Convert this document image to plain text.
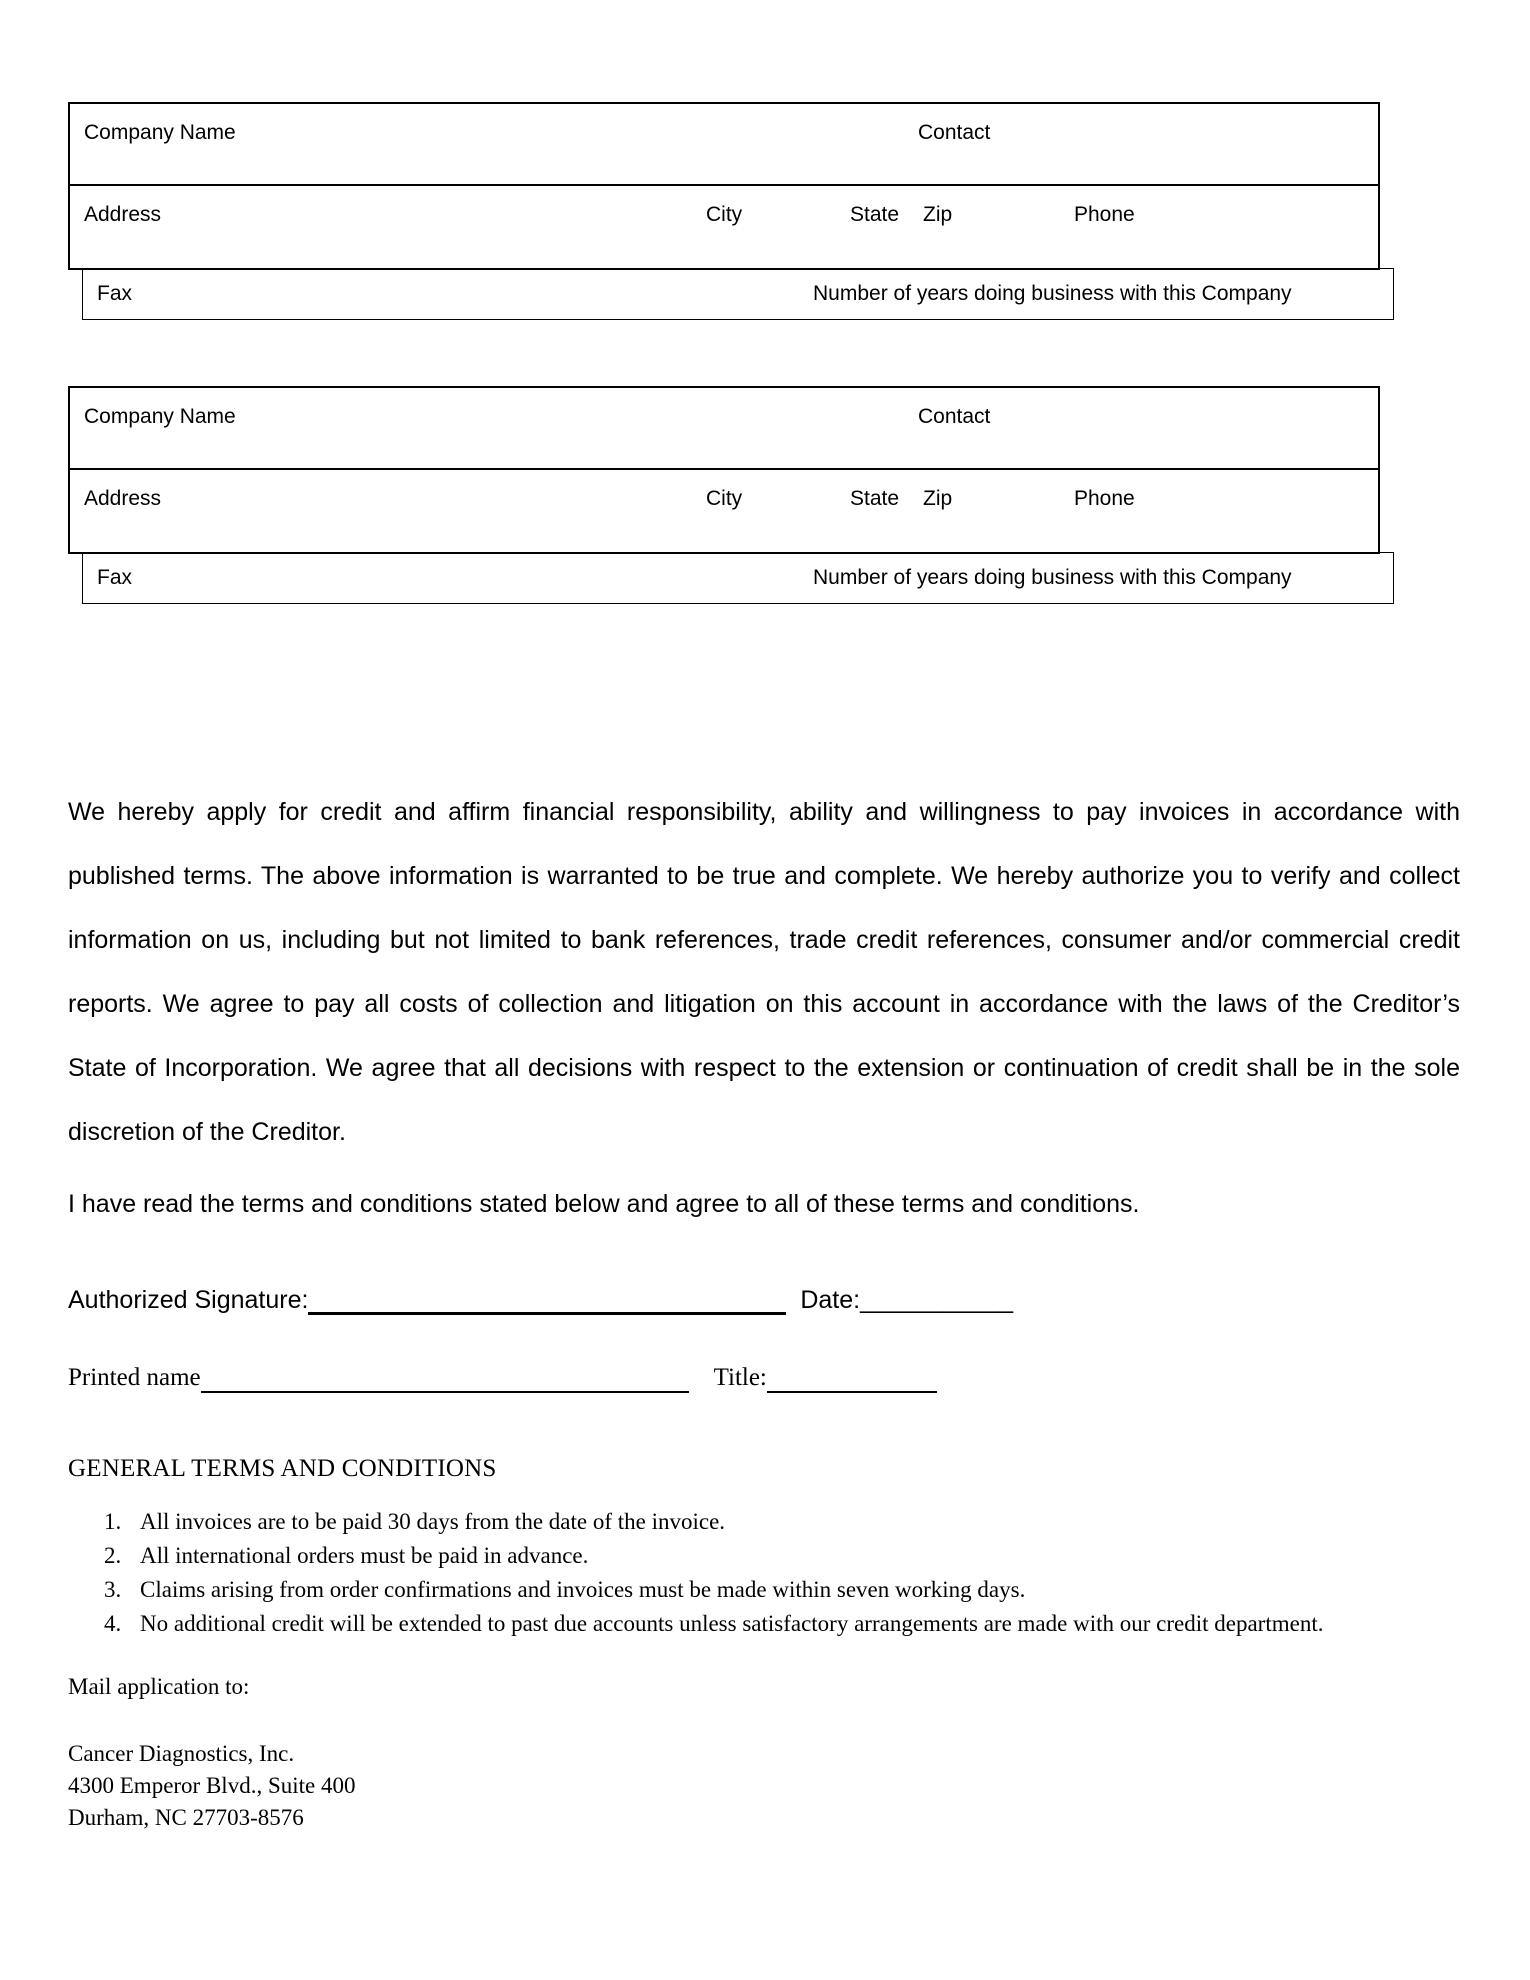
Company Name	Contact
Address	City	State Zip	Phone
Fax	Number of years doing business with this Company
Company Name	Contact
Address	City	State Zip	Phone
Fax	Number of years doing business with this Company
We hereby apply for credit and affirm financial responsibility, ability and willingness to pay invoices in accordance with published terms. The above information is warranted to be true and complete. We hereby authorize you to verify and collect information on us, including but not limited to bank references, trade credit references, consumer and/or commercial credit reports. We agree to pay all costs of collection and litigation on this account in accordance with the laws of the Creditor’s State of Incorporation. We agree that all decisions with respect to the extension or continuation of credit shall be in the sole discretion of the Creditor.
I have read the terms and conditions stated below and agree to all of these terms and conditions.
Authorized Signature:	Date:___________
Printed name	Title:
GENERAL TERMS AND CONDITIONS
1. All invoices are to be paid 30 days from the date of the invoice.
2. All international orders must be paid in advance.
3. Claims arising from order confirmations and invoices must be made within seven working days.
4. No additional credit will be extended to past due accounts unless satisfactory arrangements are made with our credit department.
Mail application to:
Cancer Diagnostics, Inc.
4300 Emperor Blvd., Suite 400
Durham, NC 27703-8576
